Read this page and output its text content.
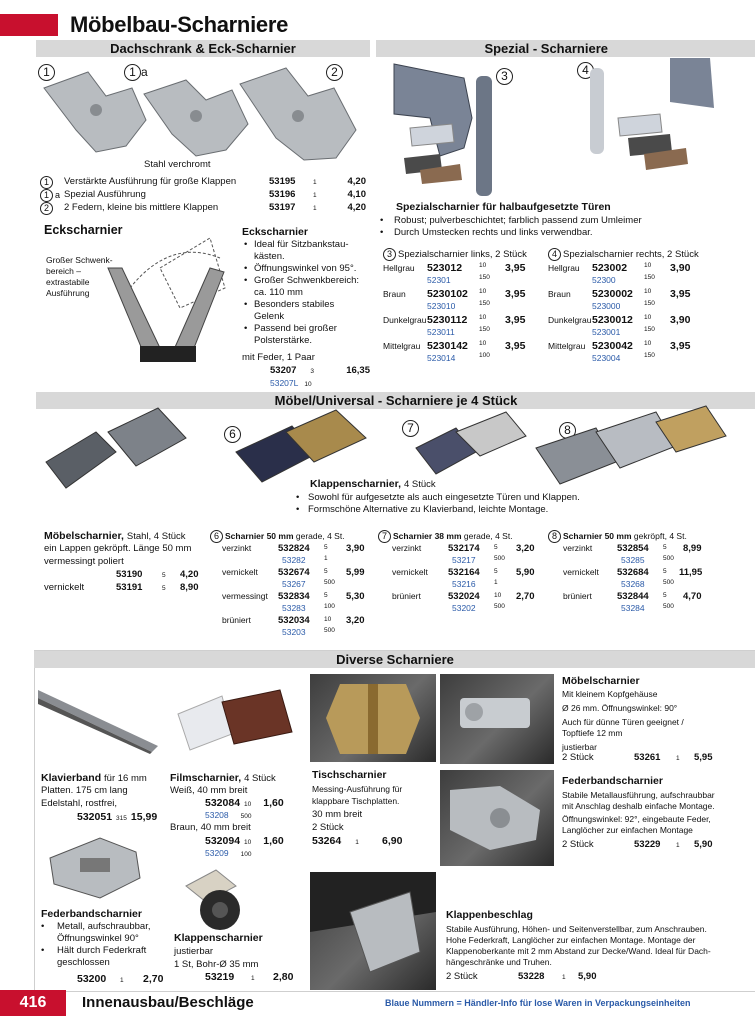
Möbelbau-Scharniere
Dachschrank & Eck-Scharnier	Spezial - Scharniere
1	1 a	2
Stahl verchromt
1	Verstärkte Ausführung für große Klappen	53195	$^1$	4,20
1 a	Spezial Ausführung	53196	$^1$	4,10
2	2 Federn, kleine bis mittlere Klappen	53197	$^1$	4,20
Eckscharnier
Großer Schwenk-
bereich –
extrastabile
Ausführung
Eckscharnier
• Ideal für Sitzbankstau-
kästen.
• Öffnungswinkel von 95°.
• Großer Schwenkbereich:
ca. 110 mm
• Besonders stabiles
Gelenk
• Passend bei großer
Polsterstärke.
mit Feder, 1 Paar
53207 $^3$	16,35
53207L $^{10}$
3	4
Spezialscharnier für halbaufgesetzte Türen
•	Robust; pulverbeschichtet; farblich passend zum Umleimer
•	Durch Umstecken rechts und links verwendbar.
3 Spezialscharnier links, 2 Stück	4 Spezialscharnier rechts, 2 Stück
Hellgrau 523012	10 3,95
52301	150
Braun 5230102 10 3,95
523010	150
Dunkelgrau 5230112 10 3,95
523011	150
Mittelgrau 5230142 10 3,95
523014	100
Hellgrau 523002	10 3,90
52300	150
Braun 5230002 10 3,95
523000	150
Dunkelgrau 5230012 10 3,90
523001	150
Mittelgrau 5230042 10 3,95
523004	150
Möbel/Universal - Scharniere je 4 Stück
6	7	8
Klappenscharnier, 4 Stück
• Sowohl für aufgesetzte als auch eingesetzte Türen und Klappen.
• Formschöne Alternative zu Klavierband, leichte Montage.
Möbelscharnier, Stahl, 4 Stück
ein Lappen gekröpft. Länge 50 mm
vermessingt poliert
53190	5 4,20
vernickelt	53191	5 8,90
6 Scharnier 50 mm gerade, 4 St.
verzinkt	532824 5 3,90
53282	1
vernickelt 532674 5 5,99
53267	500
vermessingt 532834 5 5,30
53283	100
brüniert	532034 10 3,20
53203	500
7 Scharnier 38 mm gerade, 4 St.
verzinkt	532174 5 3,20
53217	500
vernickelt 532164 5 5,90
53216	1
brüniert	532024 10 2,70
53202	500
8 Scharnier 50 mm gekröpft, 4 St.
verzinkt	532854 5 8,99
53285	500
vernickelt 532684 5 11,95
53268	500
brüniert	532844 5 4,70
53284	500
Diverse Scharniere
Klavierband für 16 mm
Platten. 175 cm lang
Edelstahl, rostfrei,
532051 $^{315}$ 15,99
Filmscharnier, 4 Stück
Weiß, 40 mm breit
532084 $^{10}$ 1,60
53208 $^{500}$
Braun, 40 mm breit
532094 $^{10}$ 1,60
53209 $^{100}$
Tischscharnier
Messing-Ausführung für
klappbare Tischplatten.
30 mm breit
2 Stück
53264 $^1$ 6,90
Möbelscharnier
Mit kleinem Kopfgehäuse
Ø 26 mm. Öffnungswinkel: 90°
Auch für dünne Türen geeignet /
Topftiefe 12 mm
justierbar
2 Stück	53261 1 5,95
Federbandscharnier
Stabile Metallausführung, aufschraubbar
mit Anschlag deshalb einfache Montage.
Öffnungswinkel: 92°, eingebaute Feder,
Langlöcher zur einfachen Montage
2 Stück	53229 1 5,90
Federbandscharnier
•	Metall, aufschraubbar,
Öffnungswinkel 90°
•	Hält durch Federkraft
geschlossen
53200 1 2,70
Klappenscharnier
justierbar
1 St, Bohr-Ø 35 mm
53219	1 2,80
Klappenbeschlag
Stabile Ausführung, Höhen- und Seitenverstellbar, zum Anschrauben.
Hohe Federkraft, Langlöcher zur einfachen Montage. Montage der
Klappenoberkante mit 2 mm Abstand zur Decke/Wand. Ideal für Dach-
hängeschränke und Truhen.
2 Stück	53228	1 5,90
416	Innenausbau/Beschläge	Blaue Nummern = Händler-Info für lose Waren in Verpackungseinheiten
